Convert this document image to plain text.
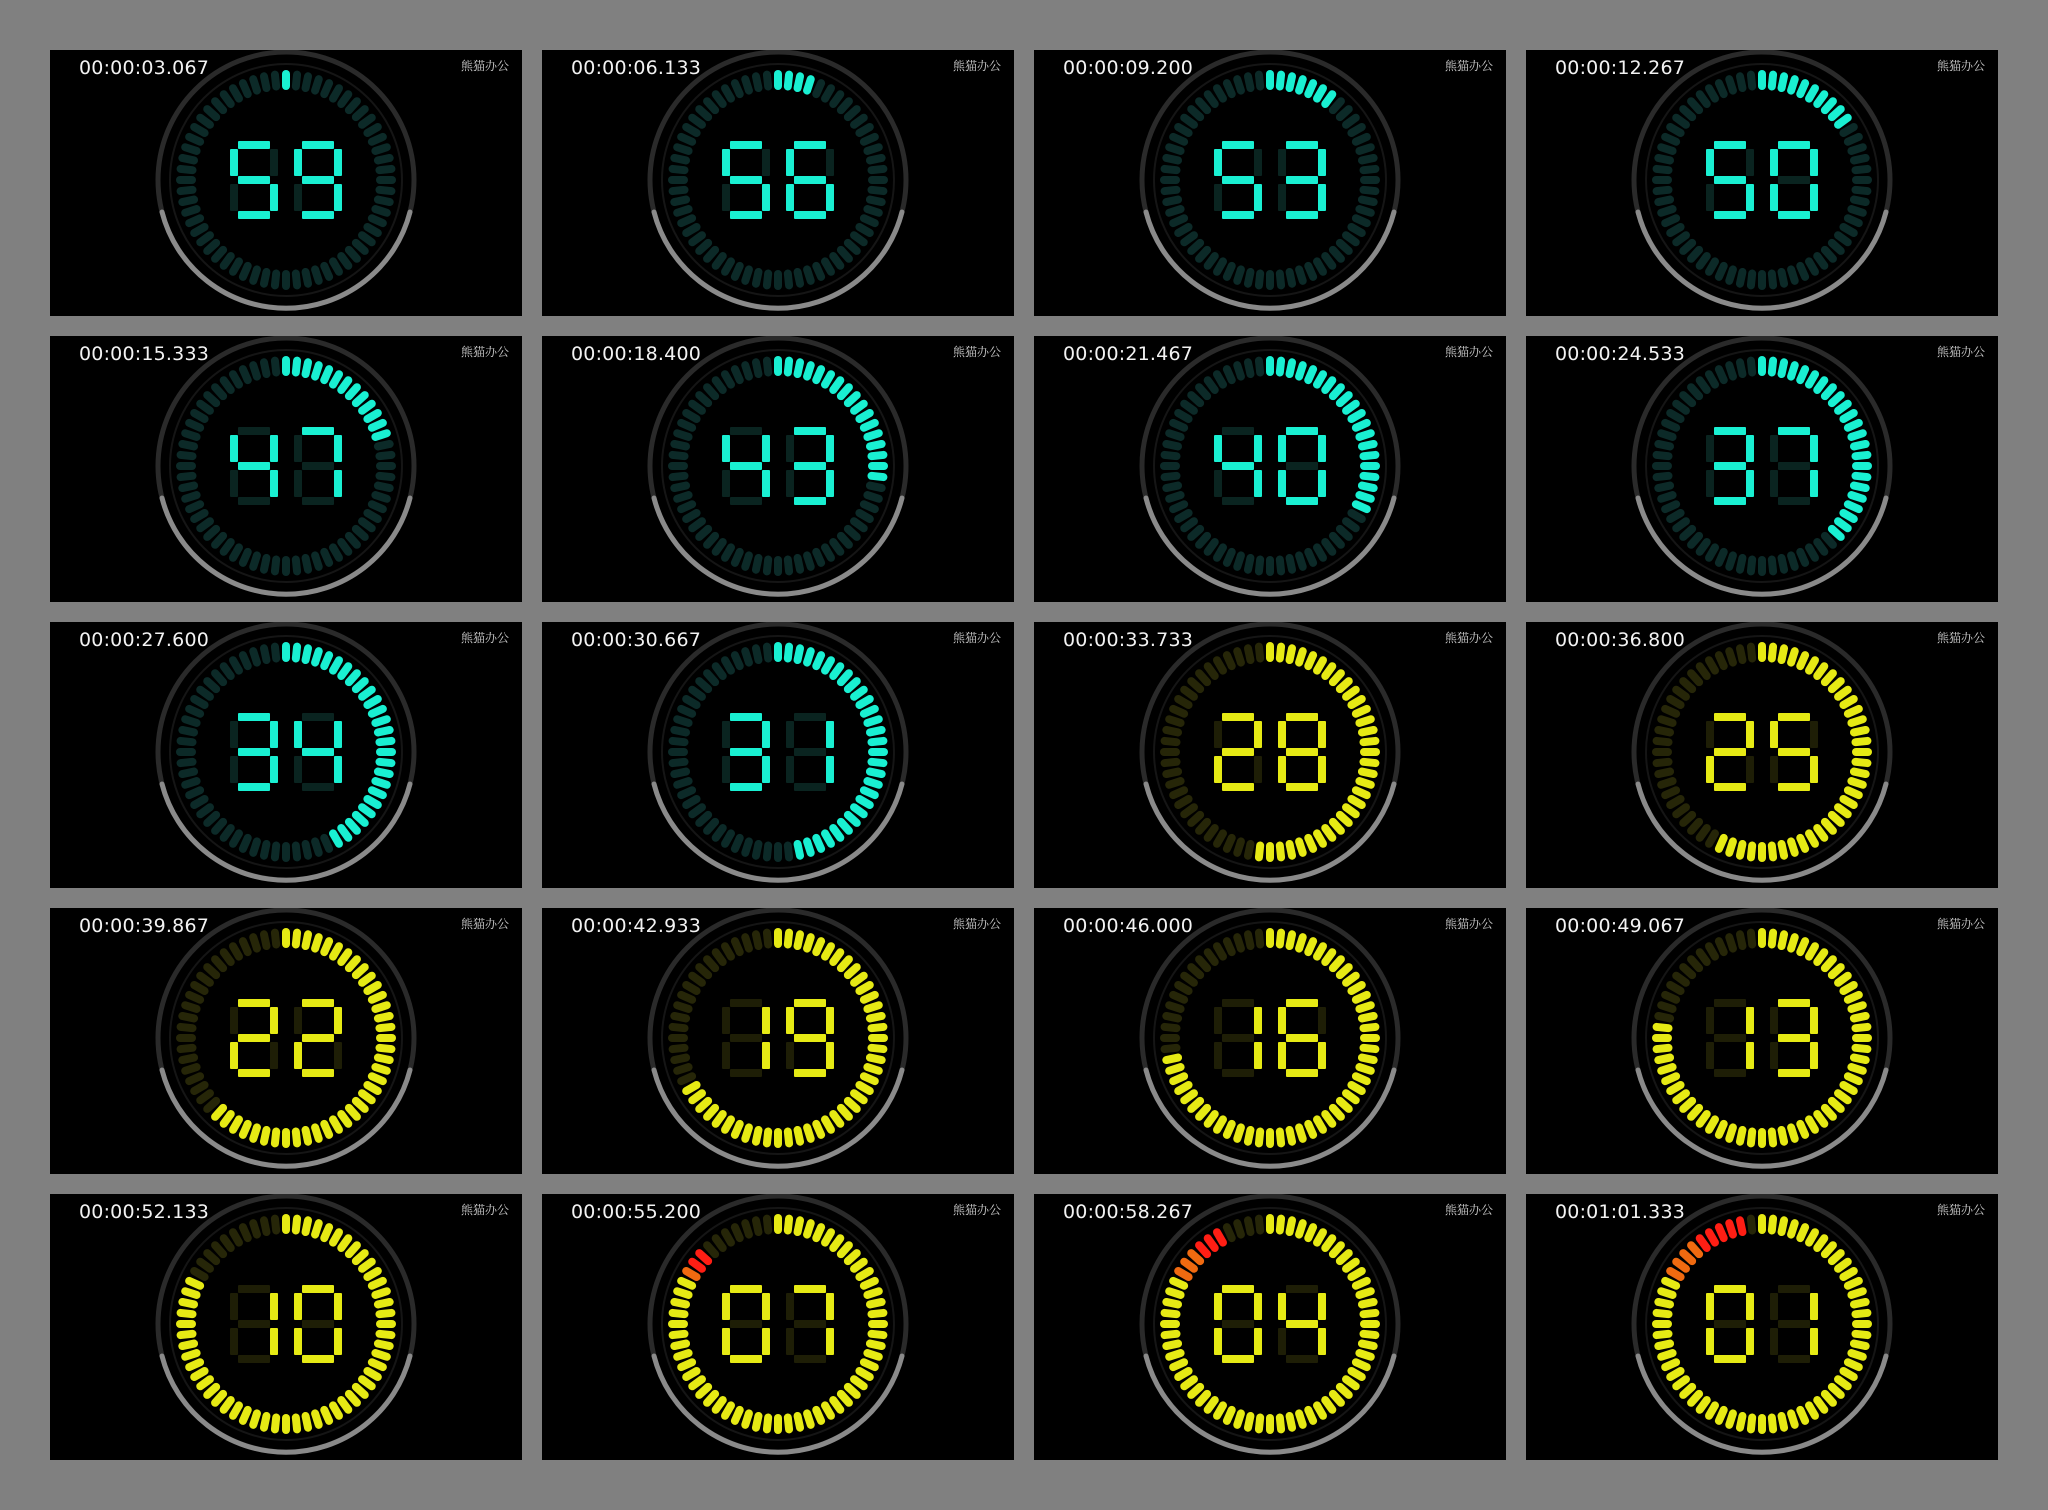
00:00:03.067	熊猫办公	00:00:06.133	熊猫办公	00:00:09.200	熊猫办公	00:00:12.267	熊猫办公
00:00:15.333	熊猫办公	00:00:18.400	熊猫办公	00:00:21.467	熊猫办公	00:00:24.533	熊猫办公
00:00:27.600	熊猫办公	00:00:30.667	熊猫办公	00:00:33.733	熊猫办公	00:00:36.800	熊猫办公
00:00:39.867	熊猫办公	00:00:42.933	熊猫办公	00:00:46.000	熊猫办公	00:00:49.067	熊猫办公
00:00:52.133	熊猫办公	00:00:55.200	熊猫办公	00:00:58.267	熊猫办公	00:01:01.333	熊猫办公
